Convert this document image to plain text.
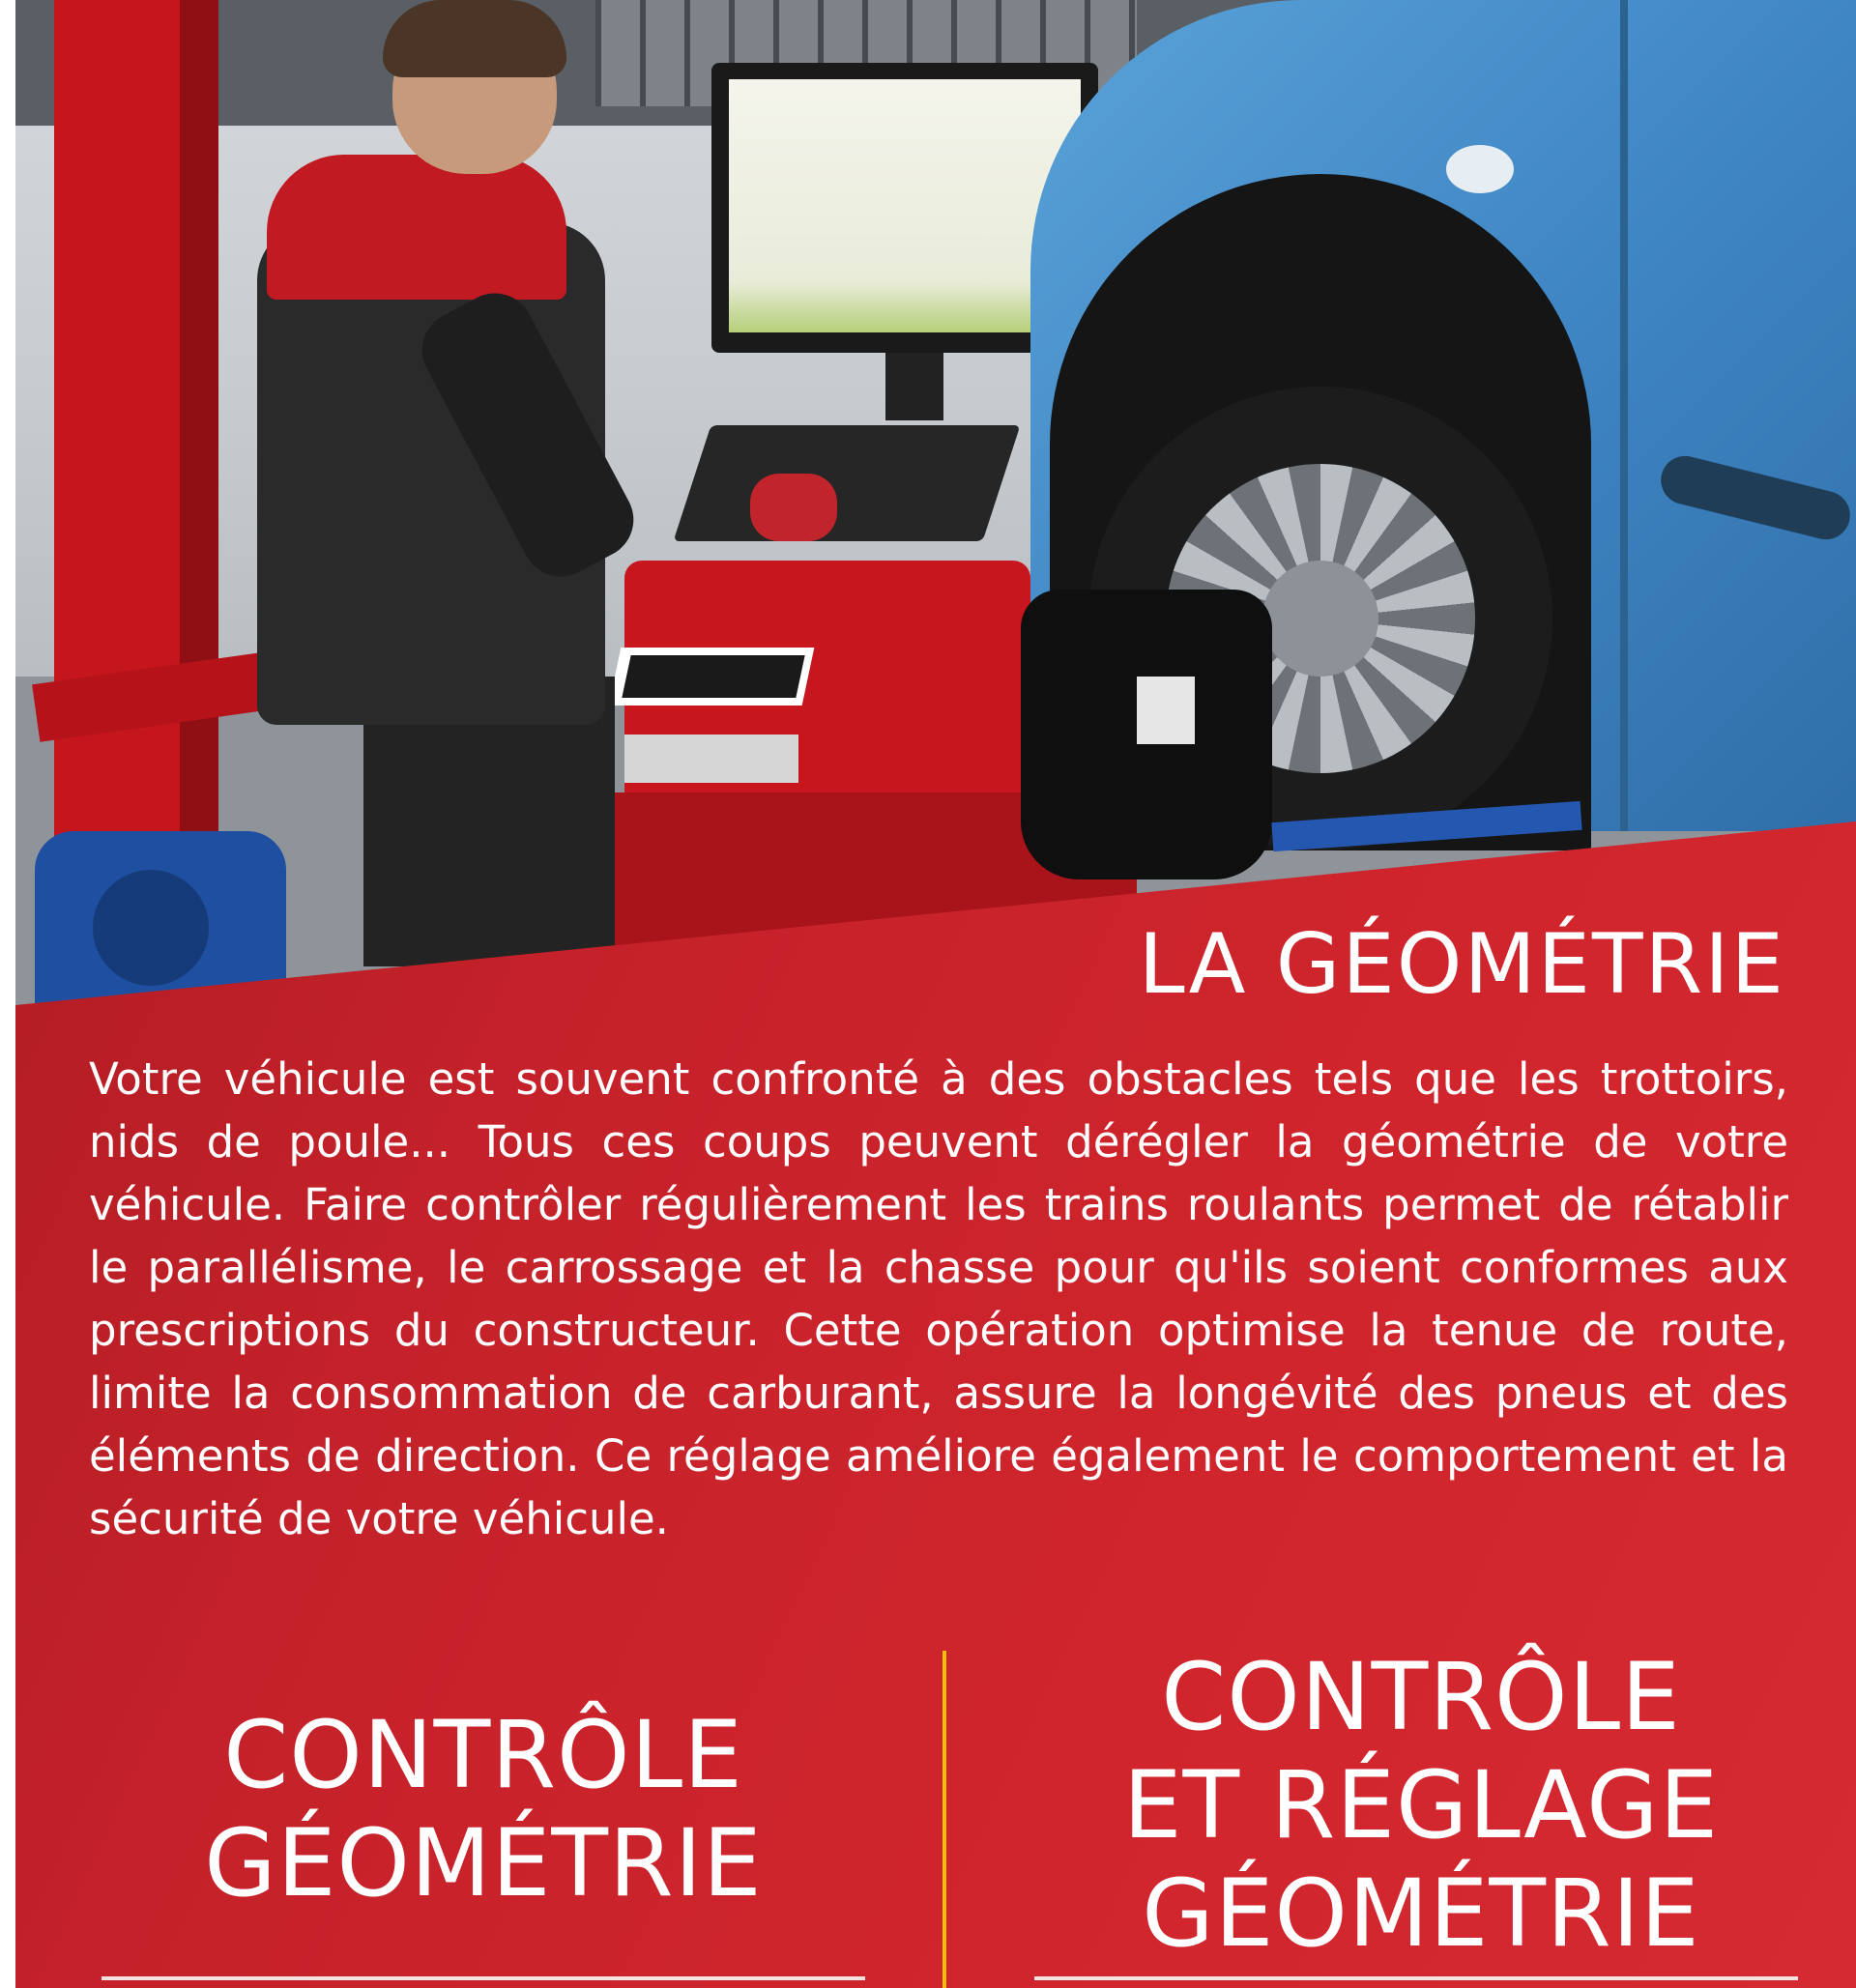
LA GÉOMÉTRIE

Votre véhicule est souvent confronté à des obstacles tels que les trottoirs, nids de poule... Tous ces coups peuvent dérégler la géométrie de votre véhicule. Faire contrôler régulièrement les trains roulants permet de rétablir le parallélisme, le carrossage et la chasse pour qu'ils soient conformes aux prescriptions du constructeur. Cette opération optimise la tenue de route, limite la consommation de carburant, assure la longévité des pneus et des éléments de direction. Ce réglage améliore également le comportement et la sécurité de votre véhicule.

CONTRÔLE
GÉOMÉTRIE
CONTRÔLE
ET RÉGLAGE
GÉOMÉTRIE
